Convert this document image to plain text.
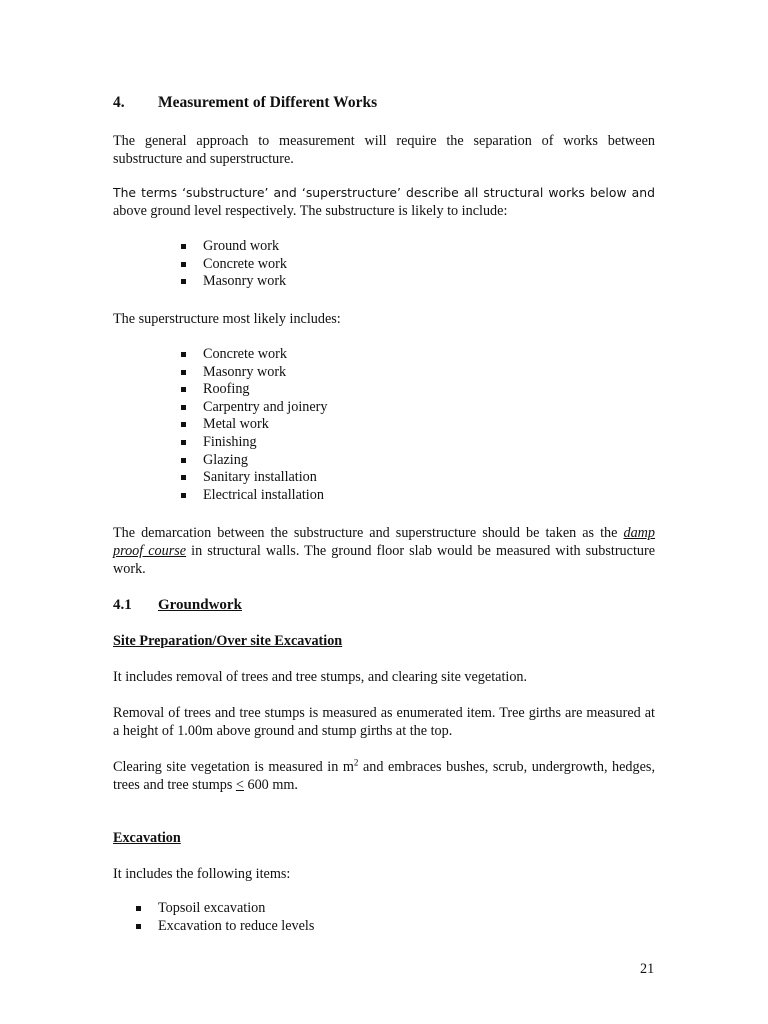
4. Measurement of Different Works

The general approach to measurement will require the separation of works between substructure and superstructure.

The terms ‘substructure’ and ‘superstructure’ describe all structural works below and
above ground level respectively. The substructure is likely to include:
Ground work
Concrete work
Masonry work

The superstructure most likely includes:

Concrete work
Masonry work
Roofing
Carpentry and joinery
Metal work
Finishing
Glazing
Sanitary installation
Electrical installation

The demarcation between the substructure and superstructure should be taken as the damp proof course in structural walls. The ground floor slab would be measured with substructure work.

4.1 Groundwork
Site Preparation/Over site Excavation

It includes removal of trees and tree stumps, and clearing site vegetation.

Removal of trees and tree stumps is measured as enumerated item. Tree girths are measured at a height of 1.00m above ground and stump girths at the top.

Clearing site vegetation is measured in $m^2$ and embraces bushes, scrub, undergrowth, hedges, trees and tree stumps ≤ 600 mm.

Excavation

It includes the following items:

Topsoil excavation
Excavation to reduce levels
21
